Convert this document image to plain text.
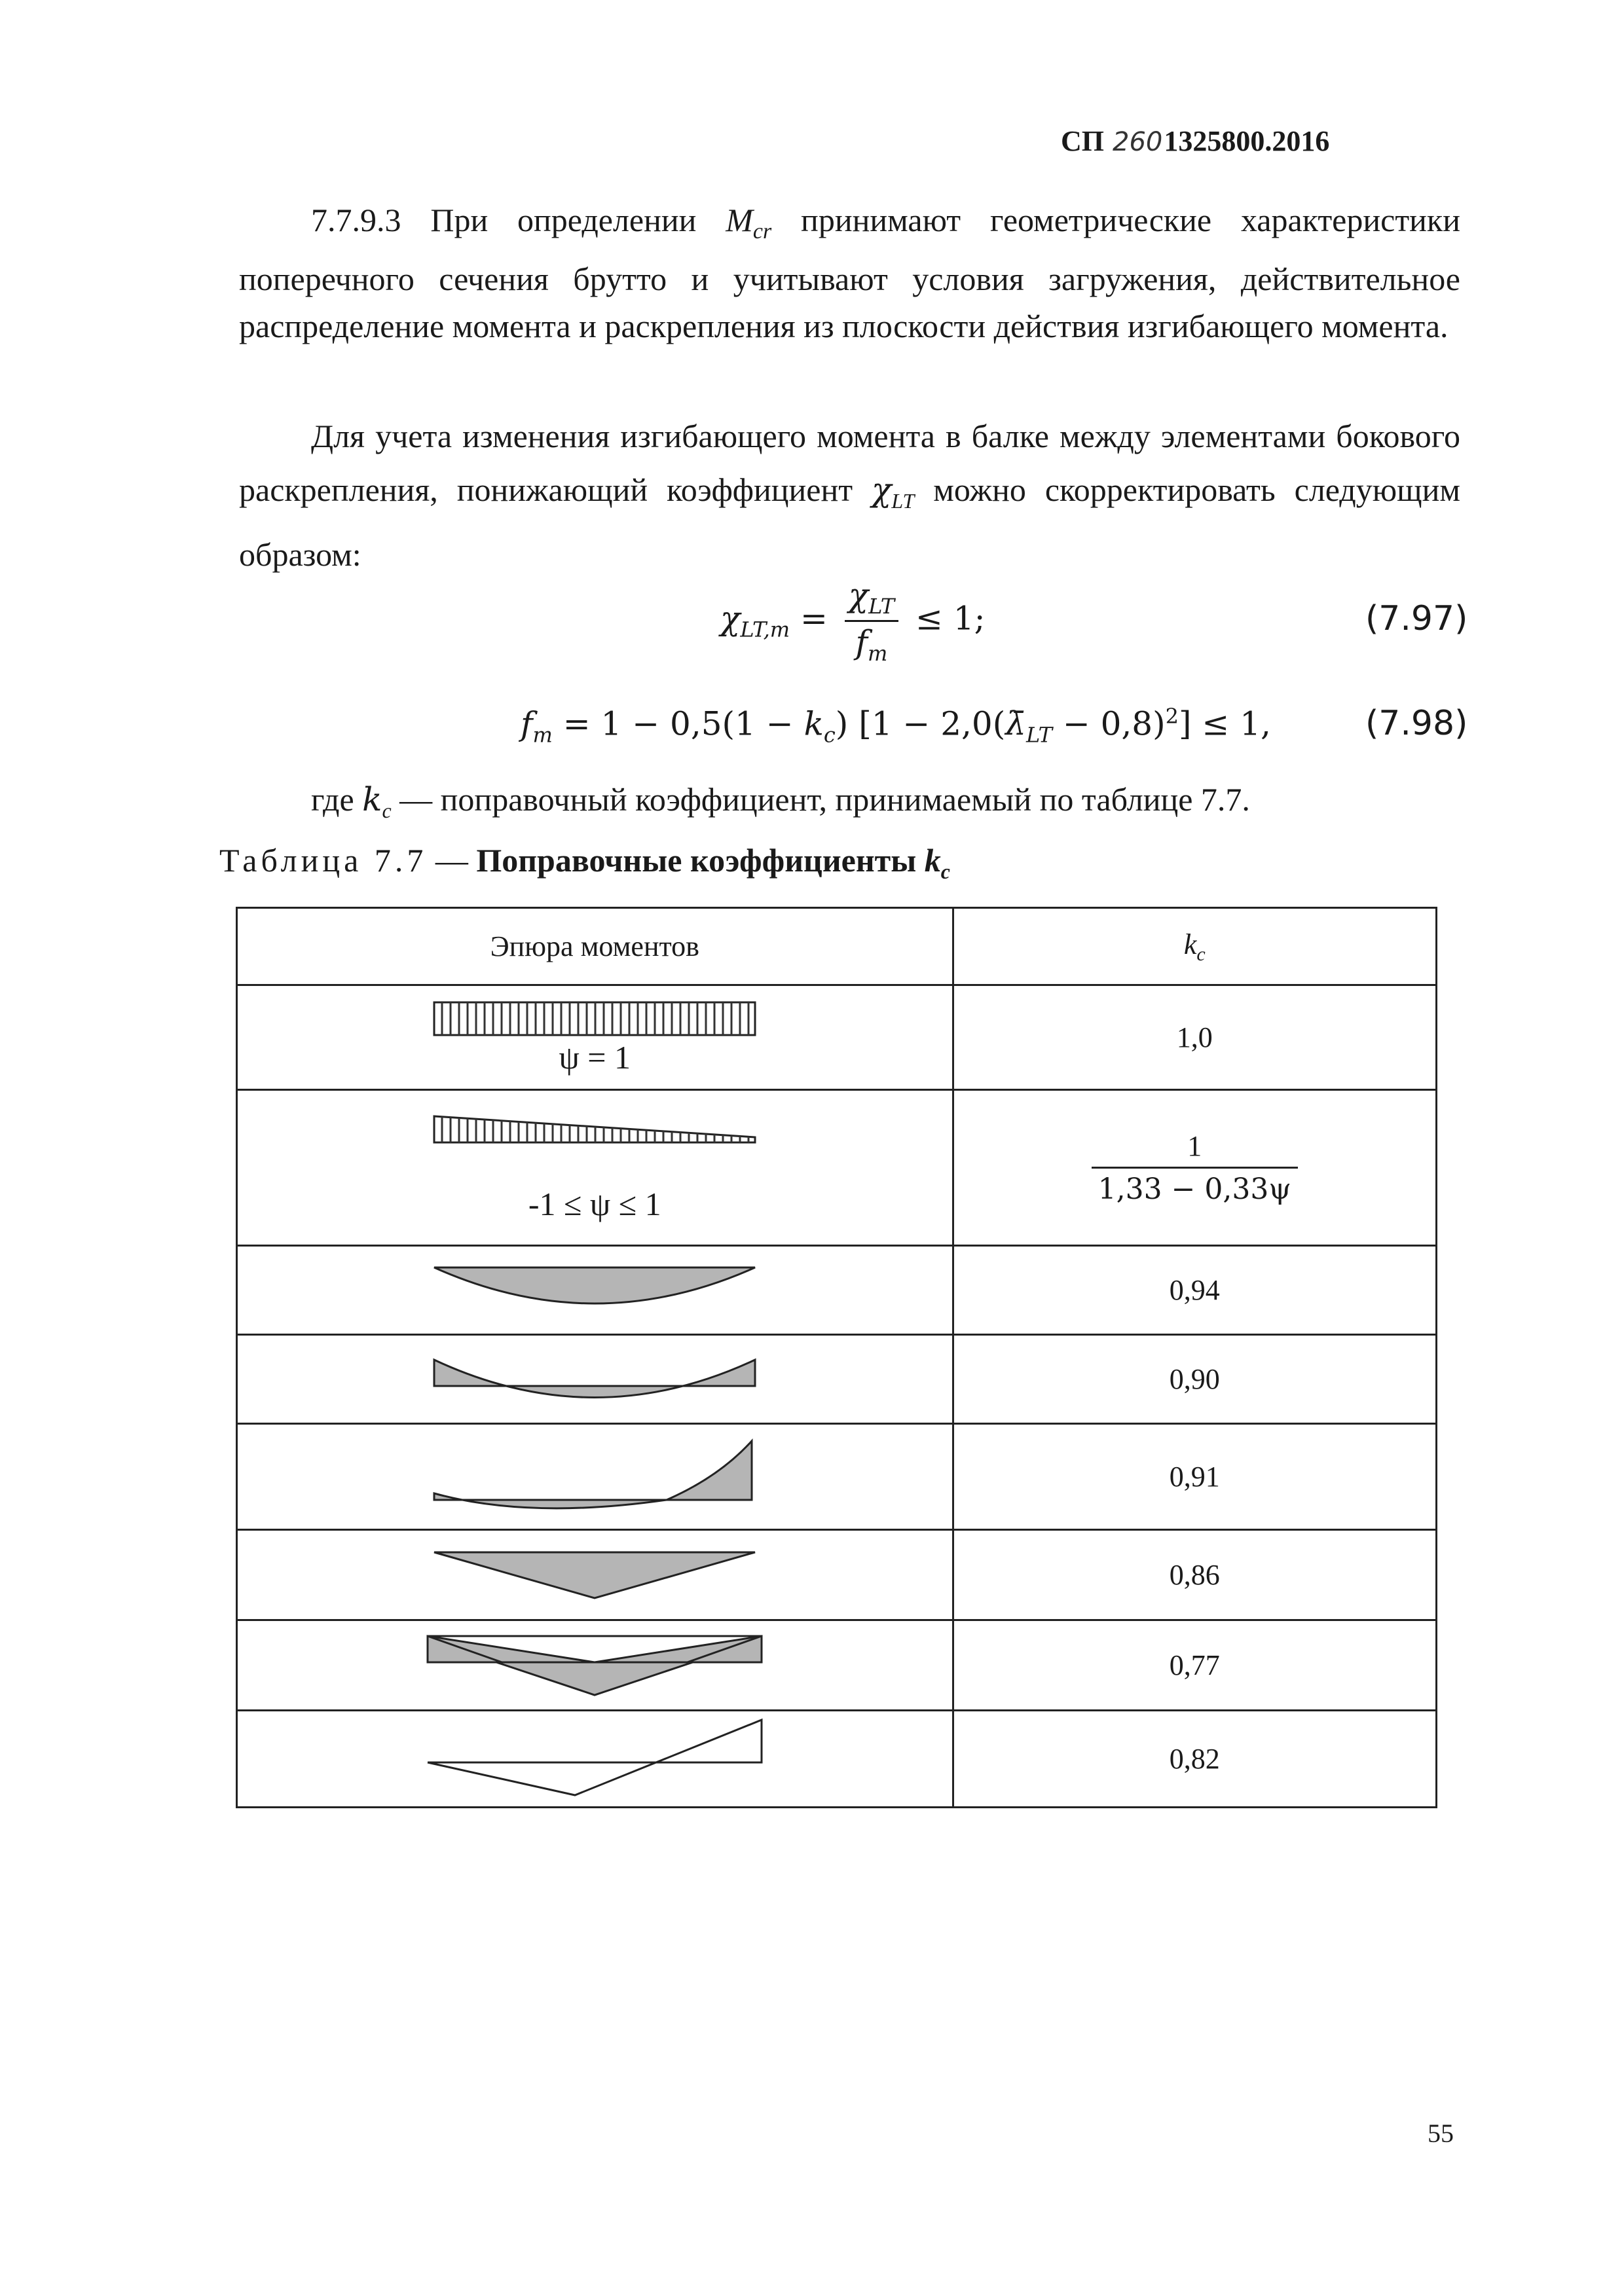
СП 2601325800.2016

7.7.9.3 При определении $M_{cr}$ принимают геометрические характеристики поперечного сечения брутто и учитывают условия загружения, действительное распределение момента и раскрепления из плоскости действия изгибающего момента.

Для учета изменения изгибающего момента в балке между элементами бокового раскрепления, понижающий коэффициент $\chi_{LT}$ можно скорректировать следующим образом:

$\chi_{LT,m} = \frac{\chi_{LT}}{f_m} \le 1$;	(7.97)
$f_m = 1 - 0,5(1 - k_c) [1$ − $2,0(\lambdā_{LT} - 0,8)^2] \le 1$,	(7.98)
где $k_c$ — поправочный коэффициент, принимаемый по таблице 7.7.
Таблица 7.7 — Поправочные коэффициенты $k_c$
Эпюра моментов	$k_c$

ψ = 1	1,0

-1 ≤ ψ ≤ 1	$\frac{1}{1,33 - 0,33\psi}$

	0,94

	0,90

	0,91

	0,86

	0,77

	0,82
55
